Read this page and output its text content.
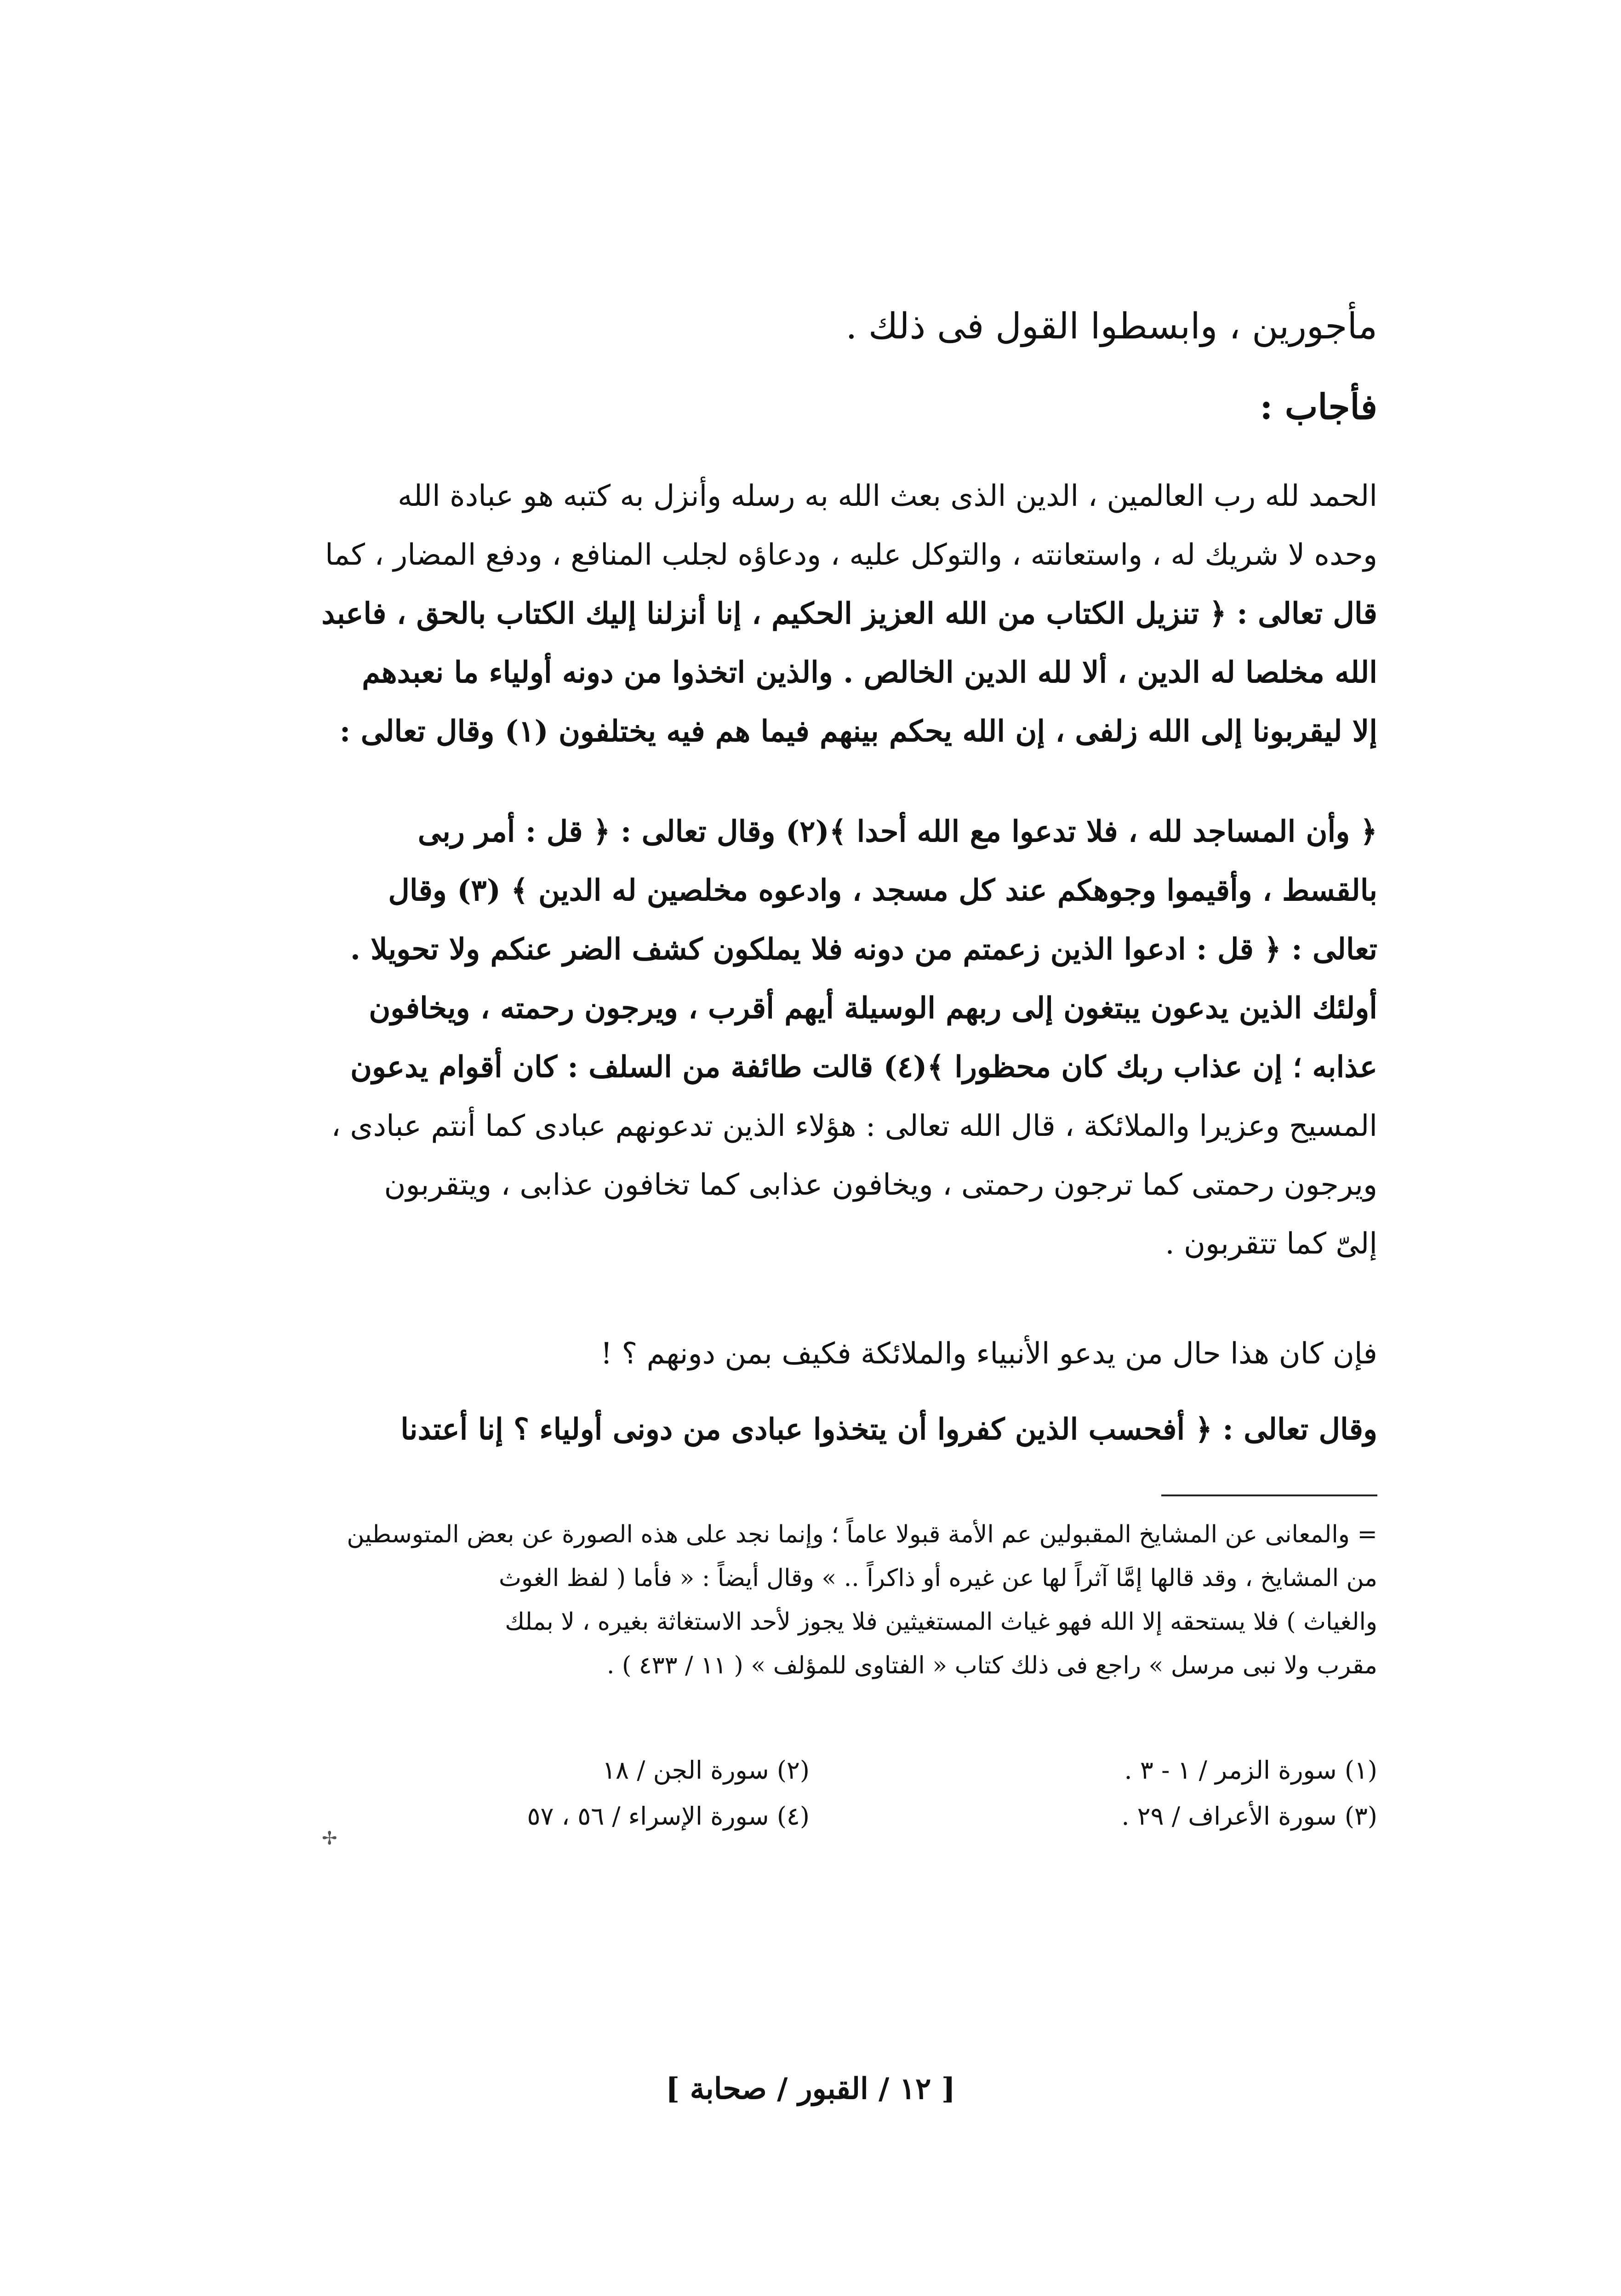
مأجورين ، وابسطوا القول فى ذلك .
فأجاب :
الحمد لله رب العالمين ، الدين الذى بعث الله به رسله وأنزل به كتبه هو عبادة الله
وحده لا شريك له ، واستعانته ، والتوكل عليه ، ودعاؤه لجلب المنافع ، ودفع المضار ، كما
قال تعالى : ﴿ تنزيل الكتاب من الله العزيز الحكيم ، إنا أنزلنا إليك الكتاب بالحق ، فاعبد
الله مخلصا له الدين ، ألا لله الدين الخالص . والذين اتخذوا من دونه أولياء ما نعبدهم
إلا ليقربونا إلى الله زلفى ، إن الله يحكم بينهم فيما هم فيه يختلفون (١) وقال تعالى :
﴿ وأن المساجد لله ، فلا تدعوا مع الله أحدا ﴾(٢) وقال تعالى : ﴿ قل : أمر ربى
بالقسط ، وأقيموا وجوهكم عند كل مسجد ، وادعوه مخلصين له الدين ﴾ (٣) وقال
تعالى : ﴿ قل : ادعوا الذين زعمتم من دونه فلا يملكون كشف الضر عنكم ولا تحويلا .
أولئك الذين يدعون يبتغون إلى ربهم الوسيلة أيهم أقرب ، ويرجون رحمته ، ويخافون
عذابه ؛ إن عذاب ربك كان محظورا ﴾(٤) قالت طائفة من السلف : كان أقوام يدعون
المسيح وعزيرا والملائكة ، قال الله تعالى : هؤلاء الذين تدعونهم عبادى كما أنتم عبادى ،
ويرجون رحمتى كما ترجون رحمتى ، ويخافون عذابى كما تخافون عذابى ، ويتقربون
إلىّ كما تتقربون .
فإن كان هذا حال من يدعو الأنبياء والملائكة فكيف بمن دونهم ؟ !
وقال تعالى : ﴿ أفحسب الذين كفروا أن يتخذوا عبادى من دونى أولياء ؟ إنا أعتدنا
= والمعانى عن المشايخ المقبولين عم الأمة قبولا عاماً ؛ وإنما نجد على هذه الصورة عن بعض المتوسطين
من المشايخ ، وقد قالها إمَّا آثراً لها عن غيره أو ذاكراً .. » وقال أيضاً : « فأما ( لفظ الغوث
والغياث ) فلا يستحقه إلا الله فهو غياث المستغيثين فلا يجوز لأحد الاستغاثة بغيره ، لا بملك
مقرب ولا نبى مرسل » راجع فى ذلك كتاب « الفتاوى للمؤلف » ( ١١ / ٤٣٣ ) .
(١) سورة الزمر / ١ - ٣ .
(٢) سورة الجن / ١٨
(٣) سورة الأعراف / ٢٩ .
(٤) سورة الإسراء / ٥٦ ، ٥٧
✢
[ ١٢ / القبور / صحابة ]
